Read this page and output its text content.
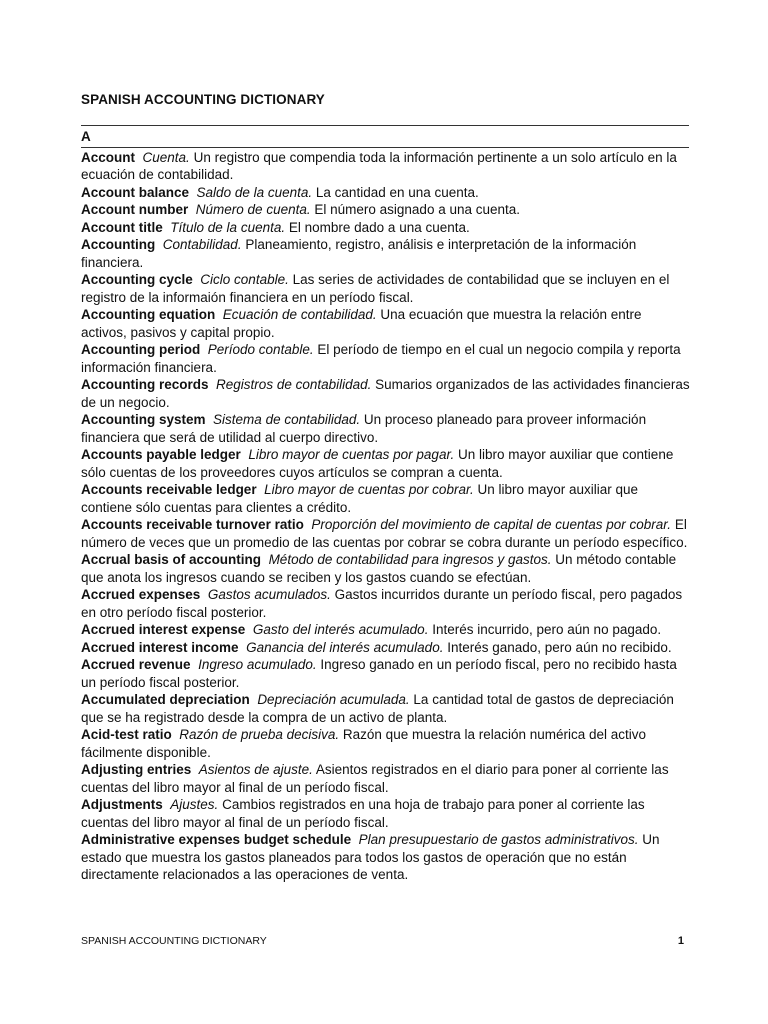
SPANISH ACCOUNTING DICTIONARY
A

Account Cuenta. Un registro que compendia toda la información pertinente a un solo artículo en la ecuación de contabilidad.

Account balance Saldo de la cuenta. La cantidad en una cuenta.

Account number Número de cuenta. El número asignado a una cuenta.

Account title Título de la cuenta. El nombre dado a una cuenta.

Accounting Contabilidad. Planeamiento, registro, análisis e interpretación de la información financiera.

Accounting cycle Ciclo contable. Las series de actividades de contabilidad que se incluyen en el registro de la informaión financiera en un período fiscal.

Accounting equation Ecuación de contabilidad. Una ecuación que muestra la relación entre activos, pasivos y capital propio.

Accounting period Período contable. El período de tiempo en el cual un negocio compila y reporta información financiera.

Accounting records Registros de contabilidad. Sumarios organizados de las actividades financieras de un negocio.

Accounting system Sistema de contabilidad. Un proceso planeado para proveer información financiera que será de utilidad al cuerpo directivo.

Accounts payable ledger Libro mayor de cuentas por pagar. Un libro mayor auxiliar que contiene sólo cuentas de los proveedores cuyos artículos se compran a cuenta.

Accounts receivable ledger Libro mayor de cuentas por cobrar. Un libro mayor auxiliar que contiene sólo cuentas para clientes a crédito.

Accounts receivable turnover ratio Proporción del movimiento de capital de cuentas por cobrar. El número de veces que un promedio de las cuentas por cobrar se cobra durante un período específico.

Accrual basis of accounting Método de contabilidad para ingresos y gastos. Un método contable que anota los ingresos cuando se reciben y los gastos cuando se efectúan.

Accrued expenses Gastos acumulados. Gastos incurridos durante un período fiscal, pero pagados en otro período fiscal posterior.

Accrued interest expense Gasto del interés acumulado. Interés incurrido, pero aún no pagado.

Accrued interest income Ganancia del interés acumulado. Interés ganado, pero aún no recibido.

Accrued revenue Ingreso acumulado. Ingreso ganado en un período fiscal, pero no recibido hasta un período fiscal posterior.

Accumulated depreciation Depreciación acumulada. La cantidad total de gastos de depreciación que se ha registrado desde la compra de un activo de planta.

Acid-test ratio Razón de prueba decisiva. Razón que muestra la relación numérica del activo fácilmente disponible.

Adjusting entries Asientos de ajuste. Asientos registrados en el diario para poner al corriente las cuentas del libro mayor al final de un período fiscal.

Adjustments Ajustes. Cambios registrados en una hoja de trabajo para poner al corriente las cuentas del libro mayor al final de un período fiscal.

Administrative expenses budget schedule Plan presupuestario de gastos administrativos. Un estado que muestra los gastos planeados para todos los gastos de operación que no están directamente relacionados a las operaciones de venta.

SPANISH ACCOUNTING DICTIONARY	1
